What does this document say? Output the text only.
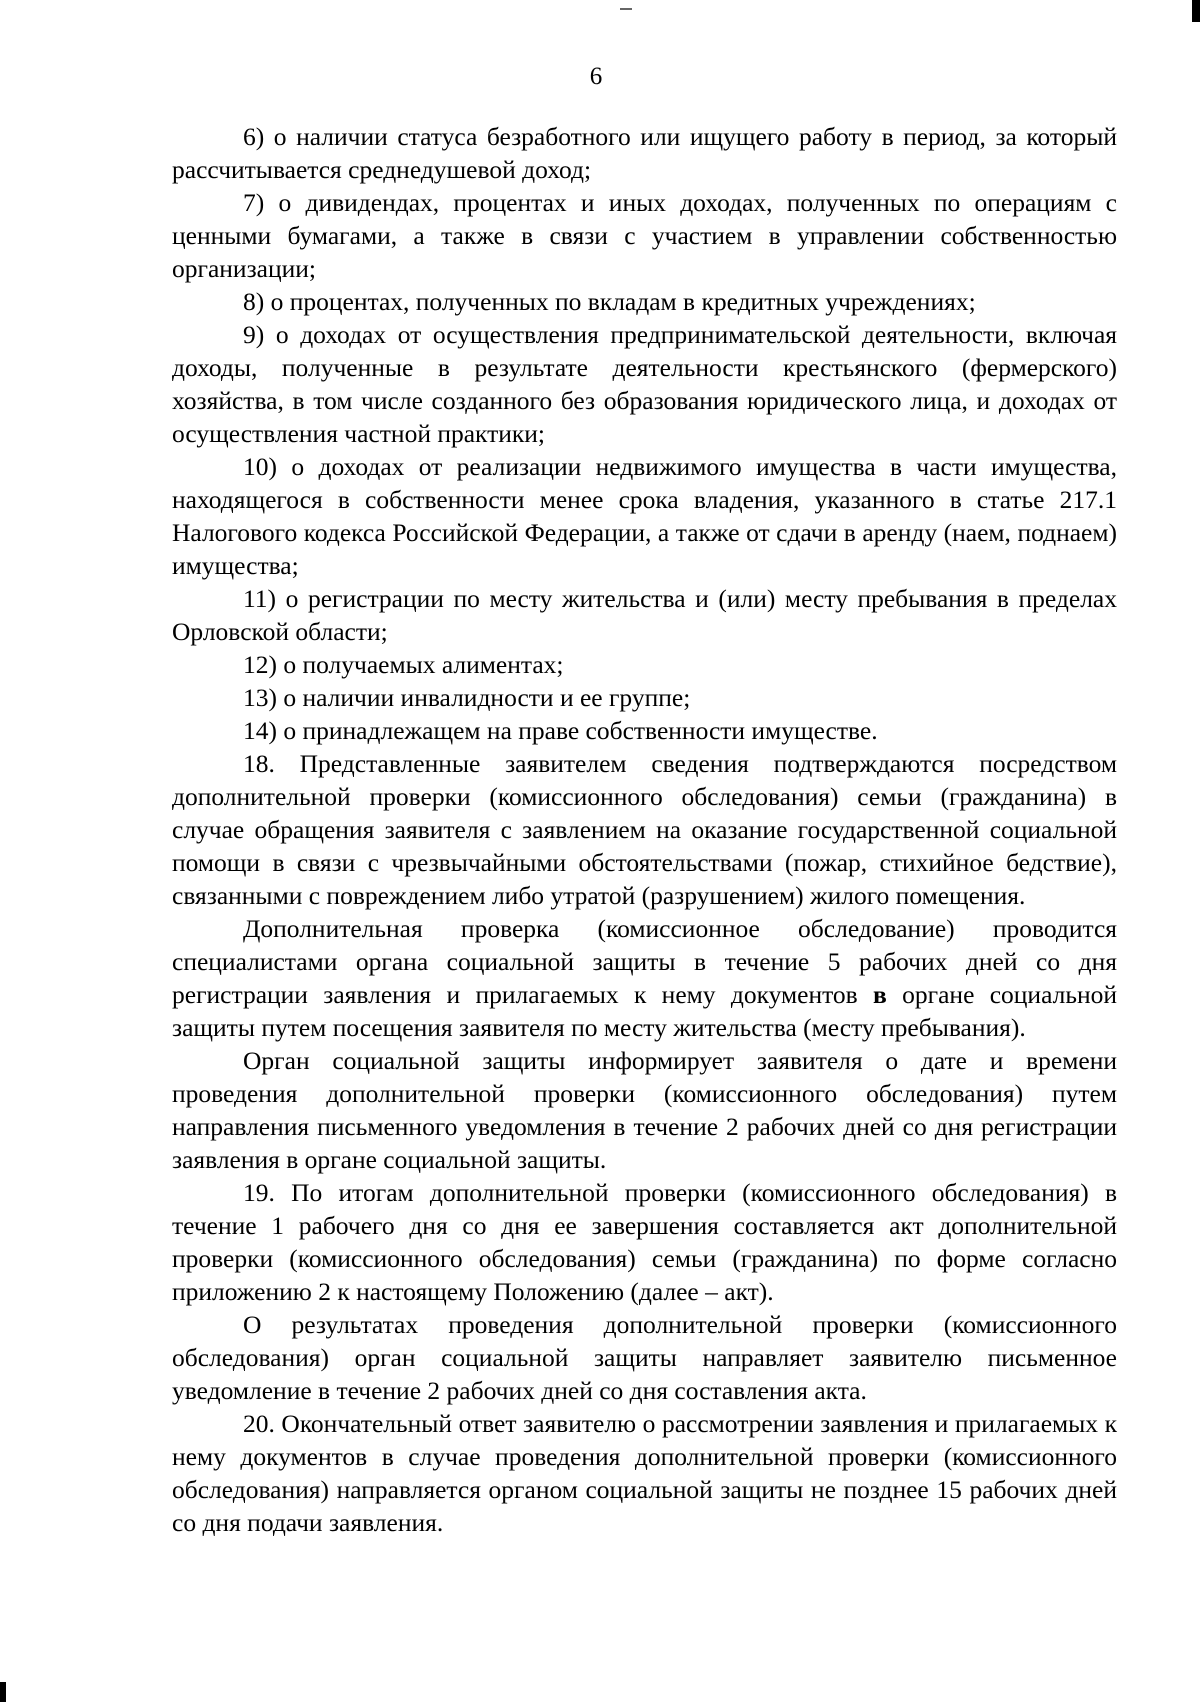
6

6) о наличии статуса безработного или ищущего работу в период, за который рассчитывается среднедушевой доход;

7) о дивидендах, процентах и иных доходах, полученных по операциям с ценными бумагами, а также в связи с участием в управлении собственностью организации;

8) о процентах, полученных по вкладам в кредитных учреждениях;

9) о доходах от осуществления предпринимательской деятельности, включая доходы, полученные в результате деятельности крестьянского (фермерского) хозяйства, в том числе созданного без образования юридического лица, и доходах от осуществления частной практики;

10) о доходах от реализации недвижимого имущества в части имущества, находящегося в собственности менее срока владения, указанного в статье 217.1 Налогового кодекса Российской Федерации, а также от сдачи в аренду (наем, поднаем) имущества;

11) о регистрации по месту жительства и (или) месту пребывания в пределах Орловской области;

12) о получаемых алиментах;

13) о наличии инвалидности и ее группе;

14) о принадлежащем на праве собственности имуществе.

18. Представленные заявителем сведения подтверждаются посредством дополнительной проверки (комиссионного обследования) семьи (гражданина) в случае обращения заявителя с заявлением на оказание государственной социальной помощи в связи с чрезвычайными обстоятельствами (пожар, стихийное бедствие), связанными с повреждением либо утратой (разрушением) жилого помещения.

Дополнительная проверка (комиссионное обследование) проводится специалистами органа социальной защиты в течение 5 рабочих дней со дня регистрации заявления и прилагаемых к нему документов в органе социальной защиты путем посещения заявителя по месту жительства (месту пребывания).

Орган социальной защиты информирует заявителя о дате и времени проведения дополнительной проверки (комиссионного обследования) путем направления письменного уведомления в течение 2 рабочих дней со дня регистрации заявления в органе социальной защиты.

19. По итогам дополнительной проверки (комиссионного обследования) в течение 1 рабочего дня со дня ее завершения составляется акт дополнительной проверки (комиссионного обследования) семьи (гражданина) по форме согласно приложению 2 к настоящему Положению (далее – акт).

О результатах проведения дополнительной проверки (комиссионного обследования) орган социальной защиты направляет заявителю письменное уведомление в течение 2 рабочих дней со дня составления акта.

20. Окончательный ответ заявителю о рассмотрении заявления и прилагаемых к нему документов в случае проведения дополнительной проверки (комиссионного обследования) направляется органом социальной защиты не позднее 15 рабочих дней со дня подачи заявления.
